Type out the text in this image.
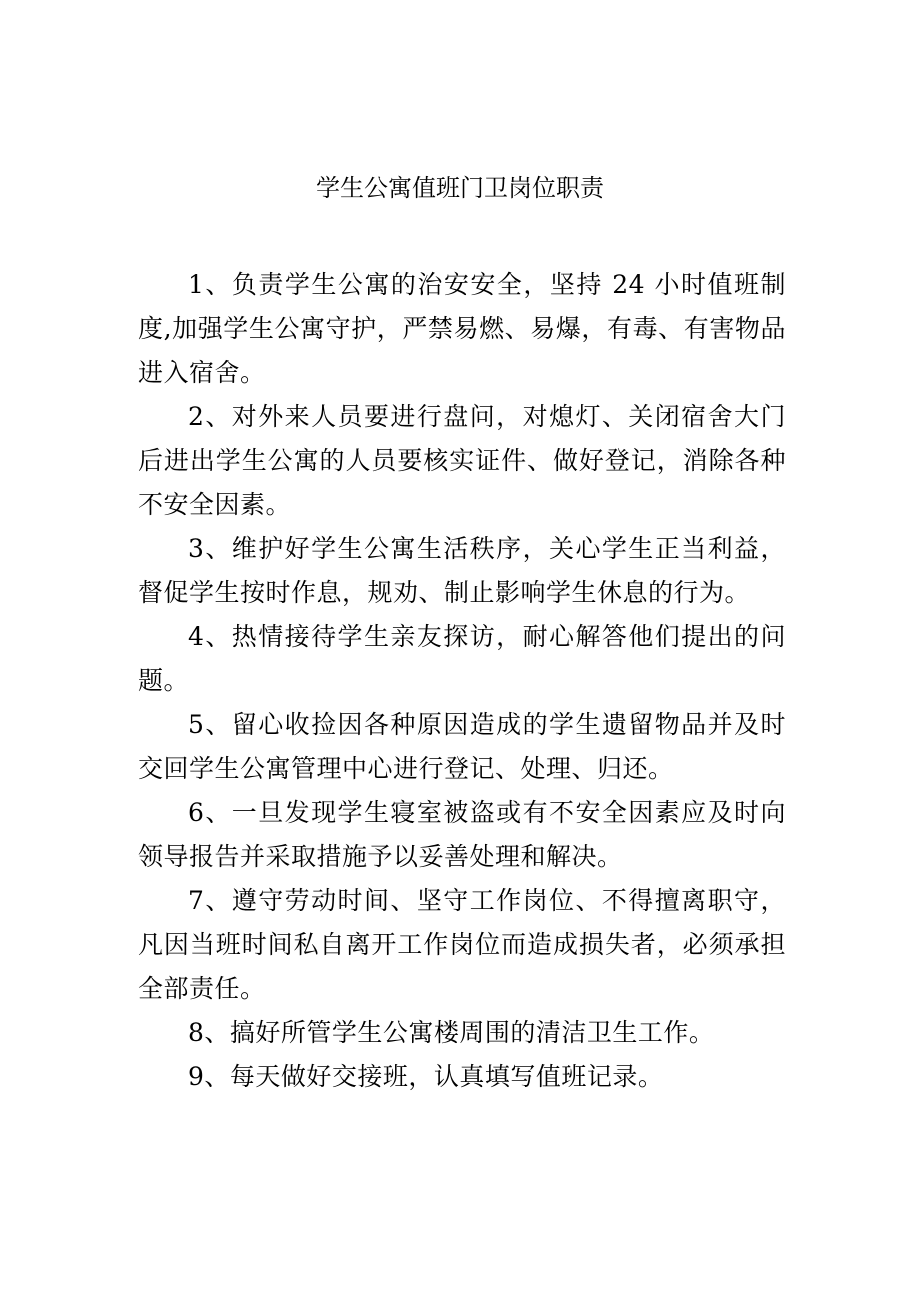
学生公寓值班门卫岗位职责

1、负责学生公寓的治安安全，坚持 24 小时值班制度,加强学生公寓守护，严禁易燃、易爆，有毒、有害物品进入宿舍。

2、对外来人员要进行盘问，对熄灯、关闭宿舍大门后进出学生公寓的人员要核实证件、做好登记，消除各种不安全因素。

3、维护好学生公寓生活秩序，关心学生正当利益，督促学生按时作息，规劝、制止影响学生休息的行为。

4、热情接待学生亲友探访，耐心解答他们提出的问题。

5、留心收捡因各种原因造成的学生遗留物品并及时交回学生公寓管理中心进行登记、处理、归还。

6、一旦发现学生寝室被盗或有不安全因素应及时向领导报告并采取措施予以妥善处理和解决。

7、遵守劳动时间、坚守工作岗位、不得擅离职守，凡因当班时间私自离开工作岗位而造成损失者，必须承担全部责任。

8、搞好所管学生公寓楼周围的清洁卫生工作。

9、每天做好交接班，认真填写值班记录。
